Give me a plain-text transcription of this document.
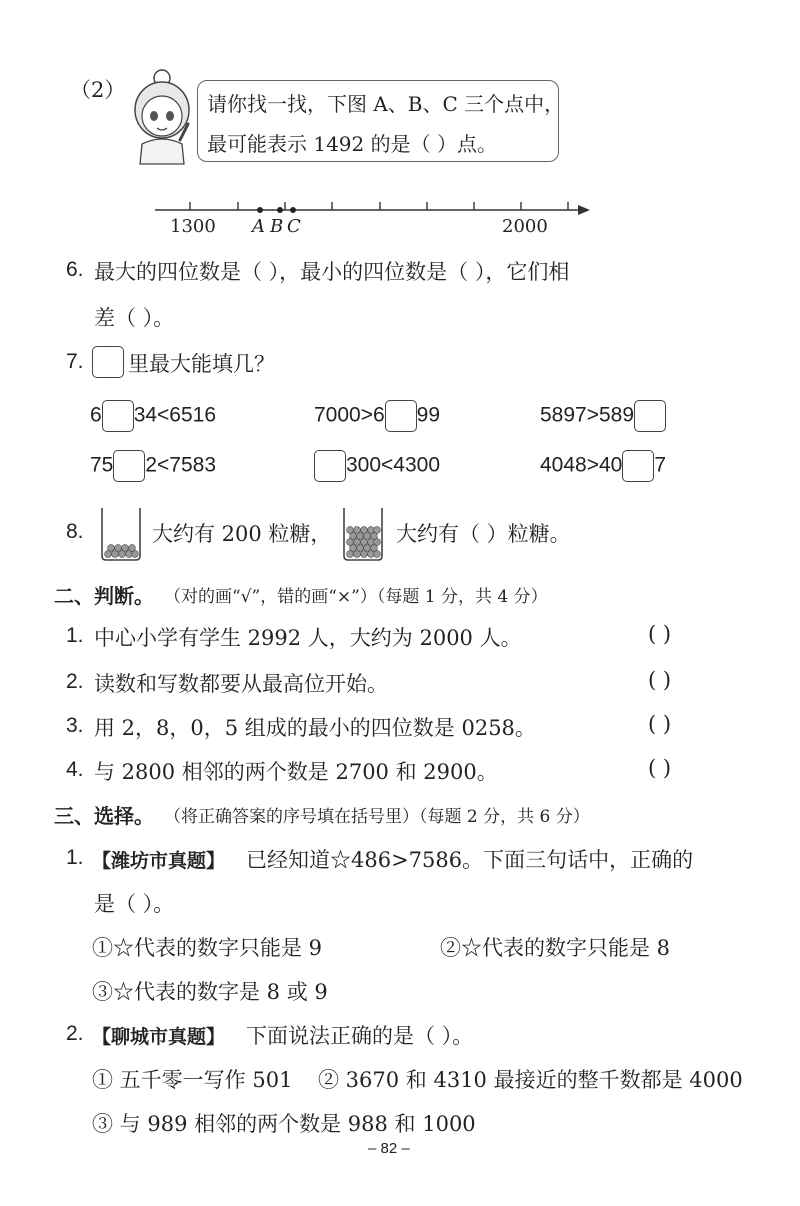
（2）
请你找一找，下图 A、B、C 三个点中，
最可能表示 1492 的是（ ）点。
1300	2000
A B C
6. 最大的四位数是（ ），最小的四位数是（ ），它们相
差（ ）。
7. 里最大能填几？
6 34<6516	7000>6 99	5897>589
75 2<7583	300<4300	4048>40 7
8.	大约有 200 粒糖，	大约有（ ）粒糖。
二、判断。 （对的画“√”，错的画“×”）（每题 1 分，共 4 分）
1. 中心小学有学生 2992 人，大约为 2000 人。	( )
2. 读数和写数都要从最高位开始。	( )
3. 用 2，8，0，5 组成的最小的四位数是 0258。	( )
4. 与 2800 相邻的两个数是 2700 和 2900。	( )
三、选择。 （将正确答案的序号填在括号里）（每题 2 分，共 6 分）
1. 【潍坊市真题】 已经知道☆486>7586。下面三句话中，正确的
是（ ）。
①☆代表的数字只能是 9	②☆代表的数字只能是 8
③☆代表的数字是 8 或 9
2. 【聊城市真题】 下面说法正确的是（ ）。
① 五千零一写作 501 ② 3670 和 4310 最接近的整千数都是 4000
③ 与 989 相邻的两个数是 988 和 1000
– 82 –
